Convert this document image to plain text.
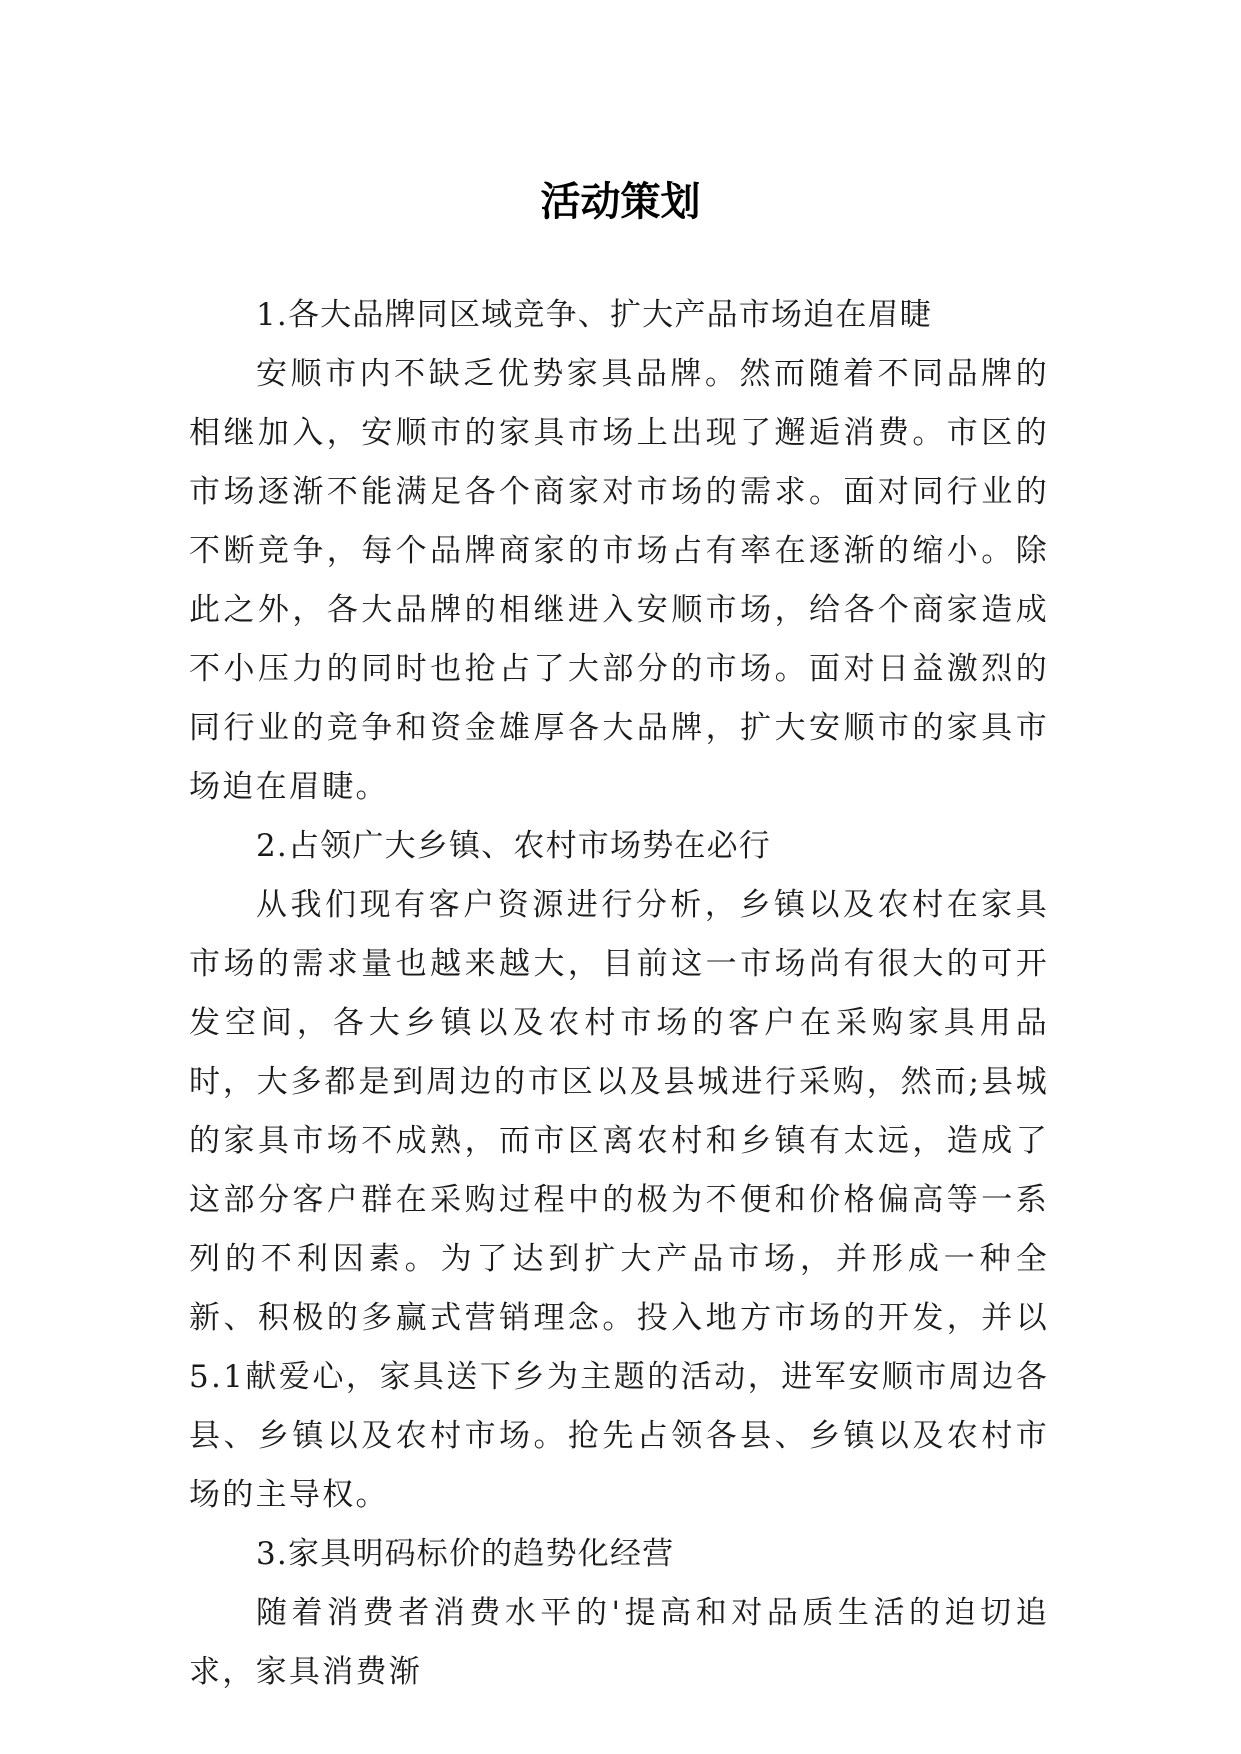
活动策划

1.各大品牌同区域竞争、扩大产品市场迫在眉睫

安顺市内不缺乏优势家具品牌。然而随着不同品牌的相继加入，安顺市的家具市场上出现了邂逅消费。市区的市场逐渐不能满足各个商家对市场的需求。面对同行业的不断竞争，每个品牌商家的市场占有率在逐渐的缩小。除此之外，各大品牌的相继进入安顺市场，给各个商家造成不小压力的同时也抢占了大部分的市场。面对日益激烈的同行业的竞争和资金雄厚各大品牌，扩大安顺市的家具市场迫在眉睫。

2.占领广大乡镇、农村市场势在必行

从我们现有客户资源进行分析，乡镇以及农村在家具市场的需求量也越来越大，目前这一市场尚有很大的可开发空间，各大乡镇以及农村市场的客户在采购家具用品时，大多都是到周边的市区以及县城进行采购，然而;县城的家具市场不成熟，而市区离农村和乡镇有太远，造成了这部分客户群在采购过程中的极为不便和价格偏高等一系列的不利因素。为了达到扩大产品市场，并形成一种全新、积极的多赢式营销理念。投入地方市场的开发，并以5.1献爱心，家具送下乡为主题的活动，进军安顺市周边各县、乡镇以及农村市场。抢先占领各县、乡镇以及农村市场的主导权。

3.家具明码标价的趋势化经营

随着消费者消费水平的'提高和对品质生活的迫切追求，家具消费渐
